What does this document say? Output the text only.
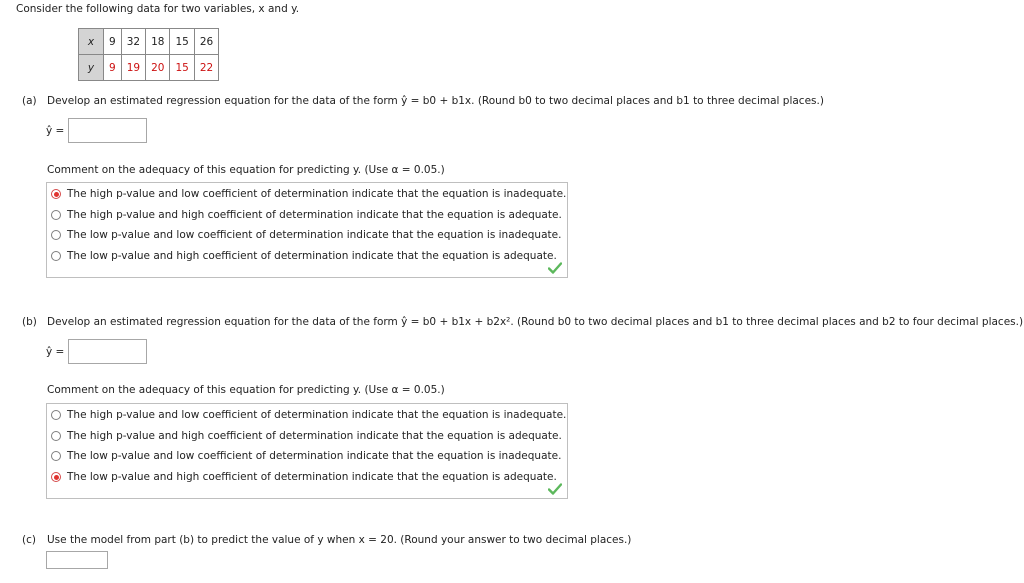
Consider the following data for two variables, x and y.
x	9	32	18	15	26
y	9	19	20	15	22
(a) Develop an estimated regression equation for the data of the form ŷ = b0 + b1x. (Round b0 to two decimal places and b1 to three decimal places.)
ŷ =
Comment on the adequacy of this equation for predicting y. (Use α = 0.05.)
The high p-value and low coefficient of determination indicate that the equation is inadequate.
The high p-value and high coefficient of determination indicate that the equation is adequate.
The low p-value and low coefficient of determination indicate that the equation is inadequate.
The low p-value and high coefficient of determination indicate that the equation is adequate.
(b) Develop an estimated regression equation for the data of the form ŷ = b0 + b1x + b2x². (Round b0 to two decimal places and b1 to three decimal places and b2 to four decimal places.)
ŷ =
Comment on the adequacy of this equation for predicting y. (Use α = 0.05.)
The high p-value and low coefficient of determination indicate that the equation is inadequate.
The high p-value and high coefficient of determination indicate that the equation is adequate.
The low p-value and low coefficient of determination indicate that the equation is inadequate.
The low p-value and high coefficient of determination indicate that the equation is adequate.
(c) Use the model from part (b) to predict the value of y when x = 20. (Round your answer to two decimal places.)
